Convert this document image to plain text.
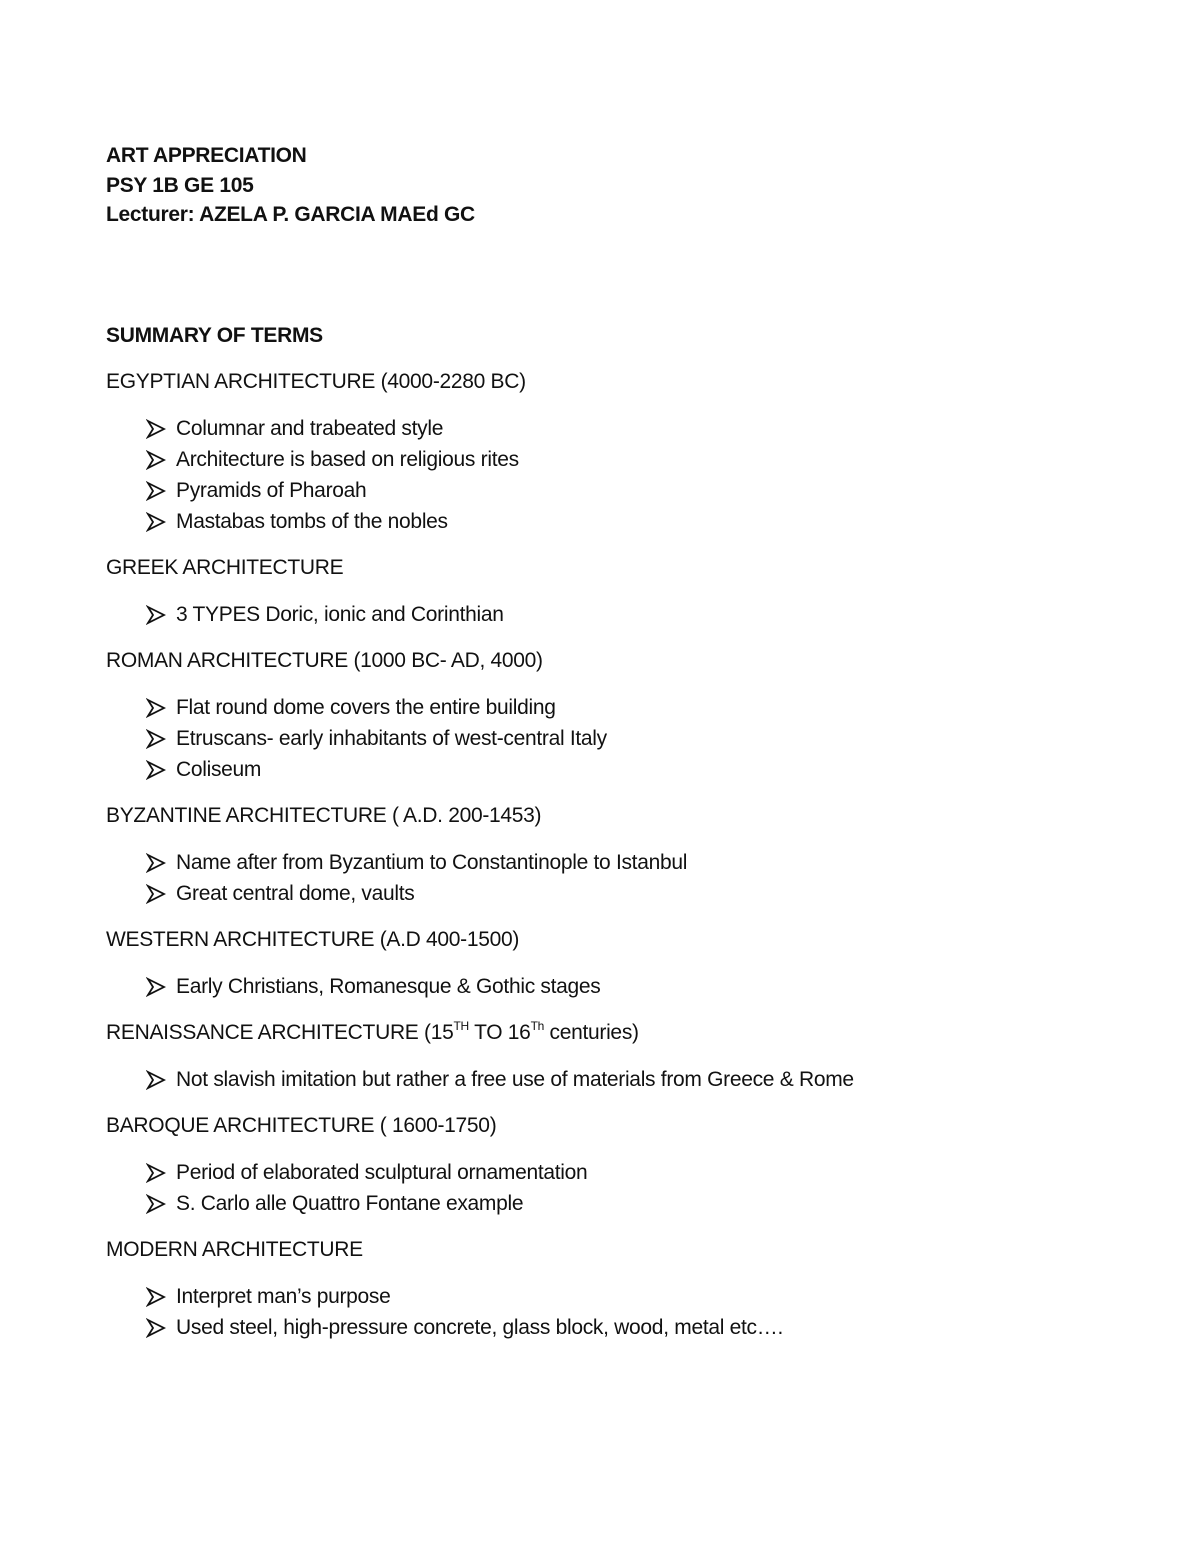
ART APPRECIATION
PSY 1B GE 105
Lecturer: AZELA P. GARCIA MAEd GC
SUMMARY OF TERMS
EGYPTIAN ARCHITECTURE (4000-2280 BC)
Columnar and trabeated style
Architecture is based on religious rites
Pyramids of Pharoah
Mastabas tombs of the nobles
GREEK ARCHITECTURE
3 TYPES Doric, ionic and Corinthian
ROMAN ARCHITECTURE (1000 BC- AD, 4000)
Flat round dome covers the entire building
Etruscans- early inhabitants of west-central Italy
Coliseum
BYZANTINE ARCHITECTURE ( A.D. 200-1453)
Name after from Byzantium to Constantinople to Istanbul
Great central dome, vaults
WESTERN ARCHITECTURE (A.D 400-1500)
Early Christians, Romanesque & Gothic stages
RENAISSANCE ARCHITECTURE (15TH TO 16Th centuries)
Not slavish imitation but rather a free use of materials from Greece & Rome
BAROQUE ARCHITECTURE ( 1600-1750)
Period of elaborated sculptural ornamentation
S. Carlo alle Quattro Fontane example
MODERN ARCHITECTURE
Interpret man’s purpose
Used steel, high-pressure concrete, glass block, wood, metal etc….
